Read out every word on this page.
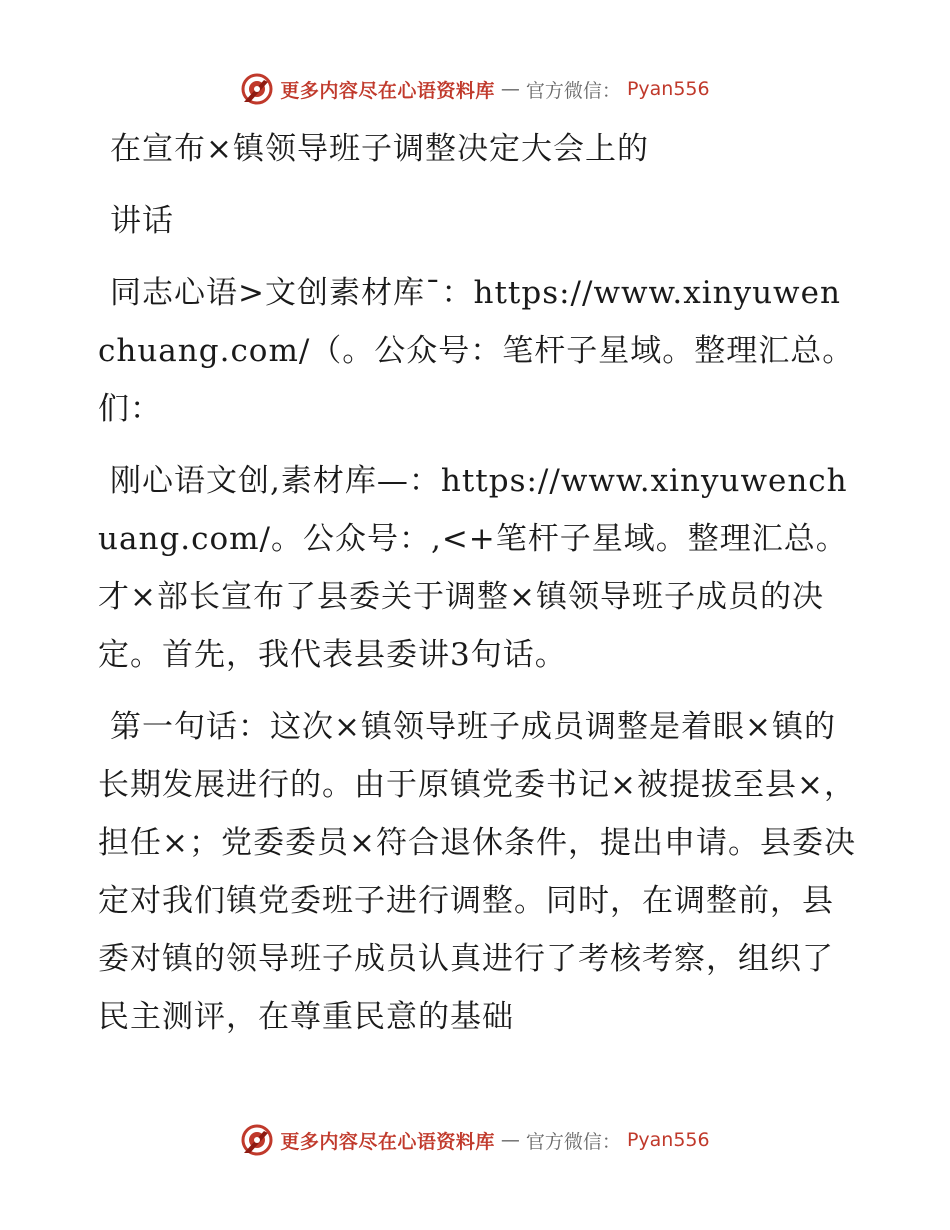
更多内容尽在心语资料库 — 官方微信： Pyan556
在宣布×镇领导班子调整决定大会上的
讲话

同志心语>文创素材库¯：https://www.xinyuwenchuang.com/（。公众号：笔杆子星域。整理汇总。们：

刚心语文创,素材库—：https://www.xinyuwenchuang.com/。公众号：,<+笔杆子星域。整理汇总。才×部长宣布了县委关于调整×镇领导班子成员的决定。首先，我代表县委讲3句话。

第一句话：这次×镇领导班子成员调整是着眼×镇的长期发展进行的。由于原镇党委书记×被提拔至县×，担任×；党委委员×符合退休条件，提出申请。县委决定对我们镇党委班子进行调整。同时，在调整前，县委对镇的领导班子成员认真进行了考核考察，组织了民主测评，在尊重民意的基础

更多内容尽在心语资料库 — 官方微信： Pyan556
